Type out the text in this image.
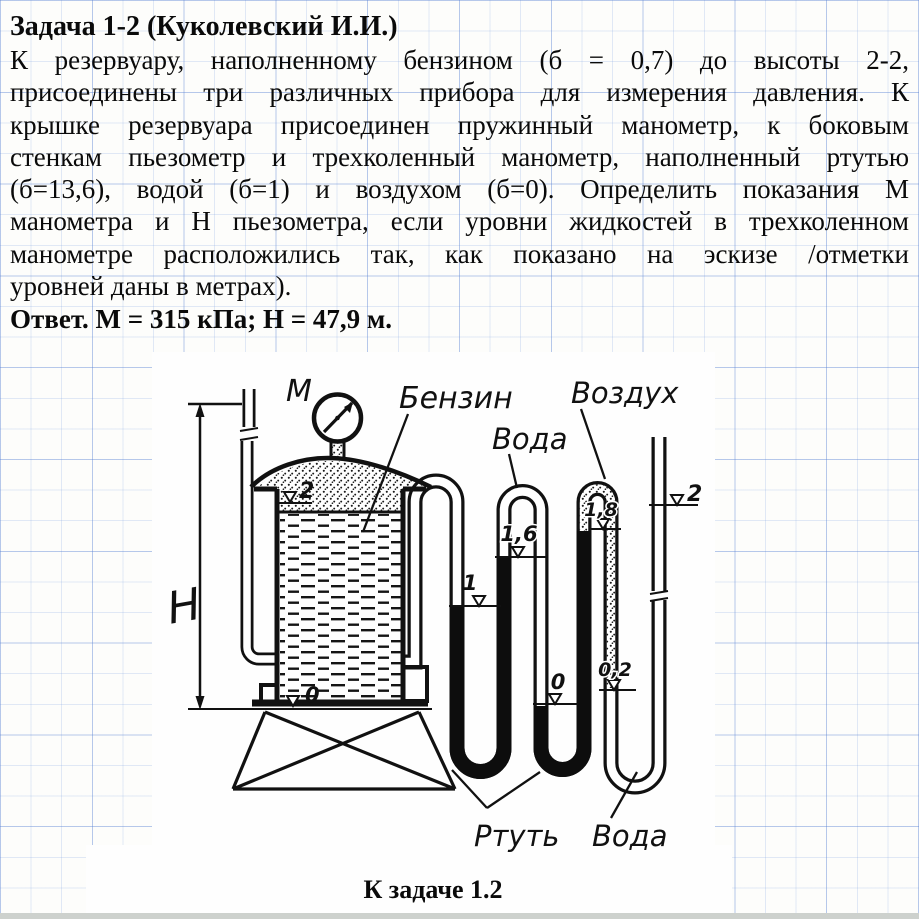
Задача 1-2 (Куколевский И.И.)
К резервуару, наполненному бензином (б = 0,7) до высоты 2-2,
присоединены три различных прибора для измерения давления. К
крышке резервуара присоединен пружинный манометр, к боковым
стенкам пьезометр и трехколенный манометр, наполненный ртутью
(б=13,6), водой (б=1) и воздухом (б=0). Определить показания М
манометра и Н пьезометра, если уровни жидкостей в трехколенном
манометре расположились так, как показано на эскизе /отметки
уровней даны в метрах).
Ответ. М = 315 кПа; Н = 47,9 м.
M
H
Бензин
Вода
Воздух
Ртуть Вода
2
1
1,6
0
0
1,8
0,2
2
К задаче 1.2
